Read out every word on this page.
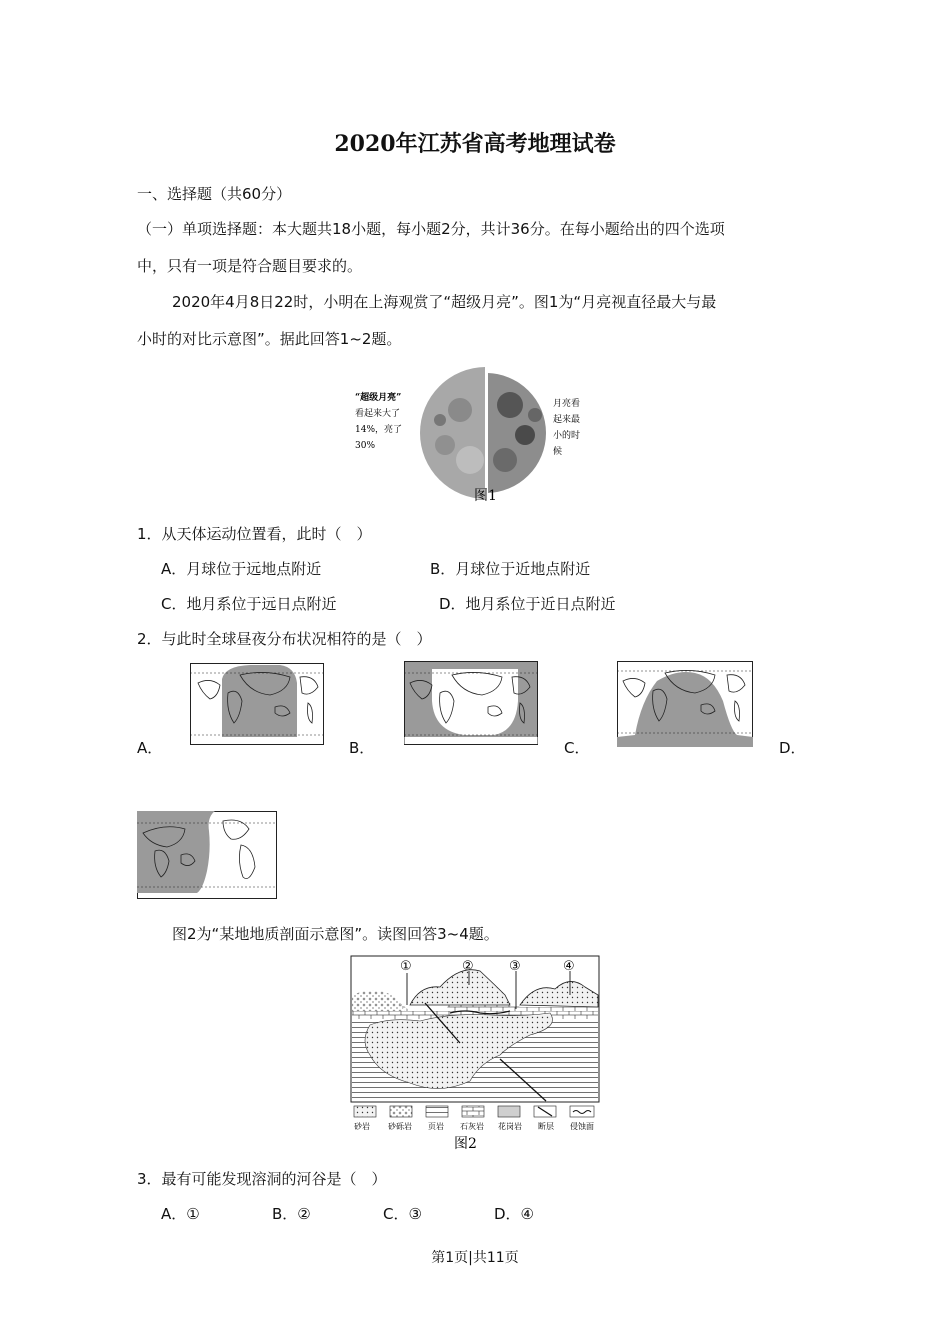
2020年江苏省高考地理试卷
一、选择题（共60分）
（一）单项选择题：本大题共18小题，每小题2分，共计36分。在每小题给出的四个选项
中，只有一项是符合题目要求的。
2020年4月8日22时，小明在上海观赏了“超级月亮”。图1为“月亮视直径最大与最
小时的对比示意图”。据此回答1~2题。
“超级月亮”
看起来大了
14%，亮了
30%
月亮看
起来最
小的时
候
图1
1．从天体运动位置看，此时（　）
A．月球位于远地点附近	B．月球位于近地点附近
C．地月系位于远日点附近	D．地月系位于近日点附近
2．与此时全球昼夜分布状况相符的是（　）
A．	B．	C．	D．
图2为“某地地质剖面示意图”。读图回答3~4题。
①	②	③	④
砂岩 砂砾岩 页岩 石灰岩 花岗岩 断层 侵蚀面
图2
3．最有可能发现溶洞的河谷是（　）
A．①	B．②	C．③	D．④
第1页|共11页
